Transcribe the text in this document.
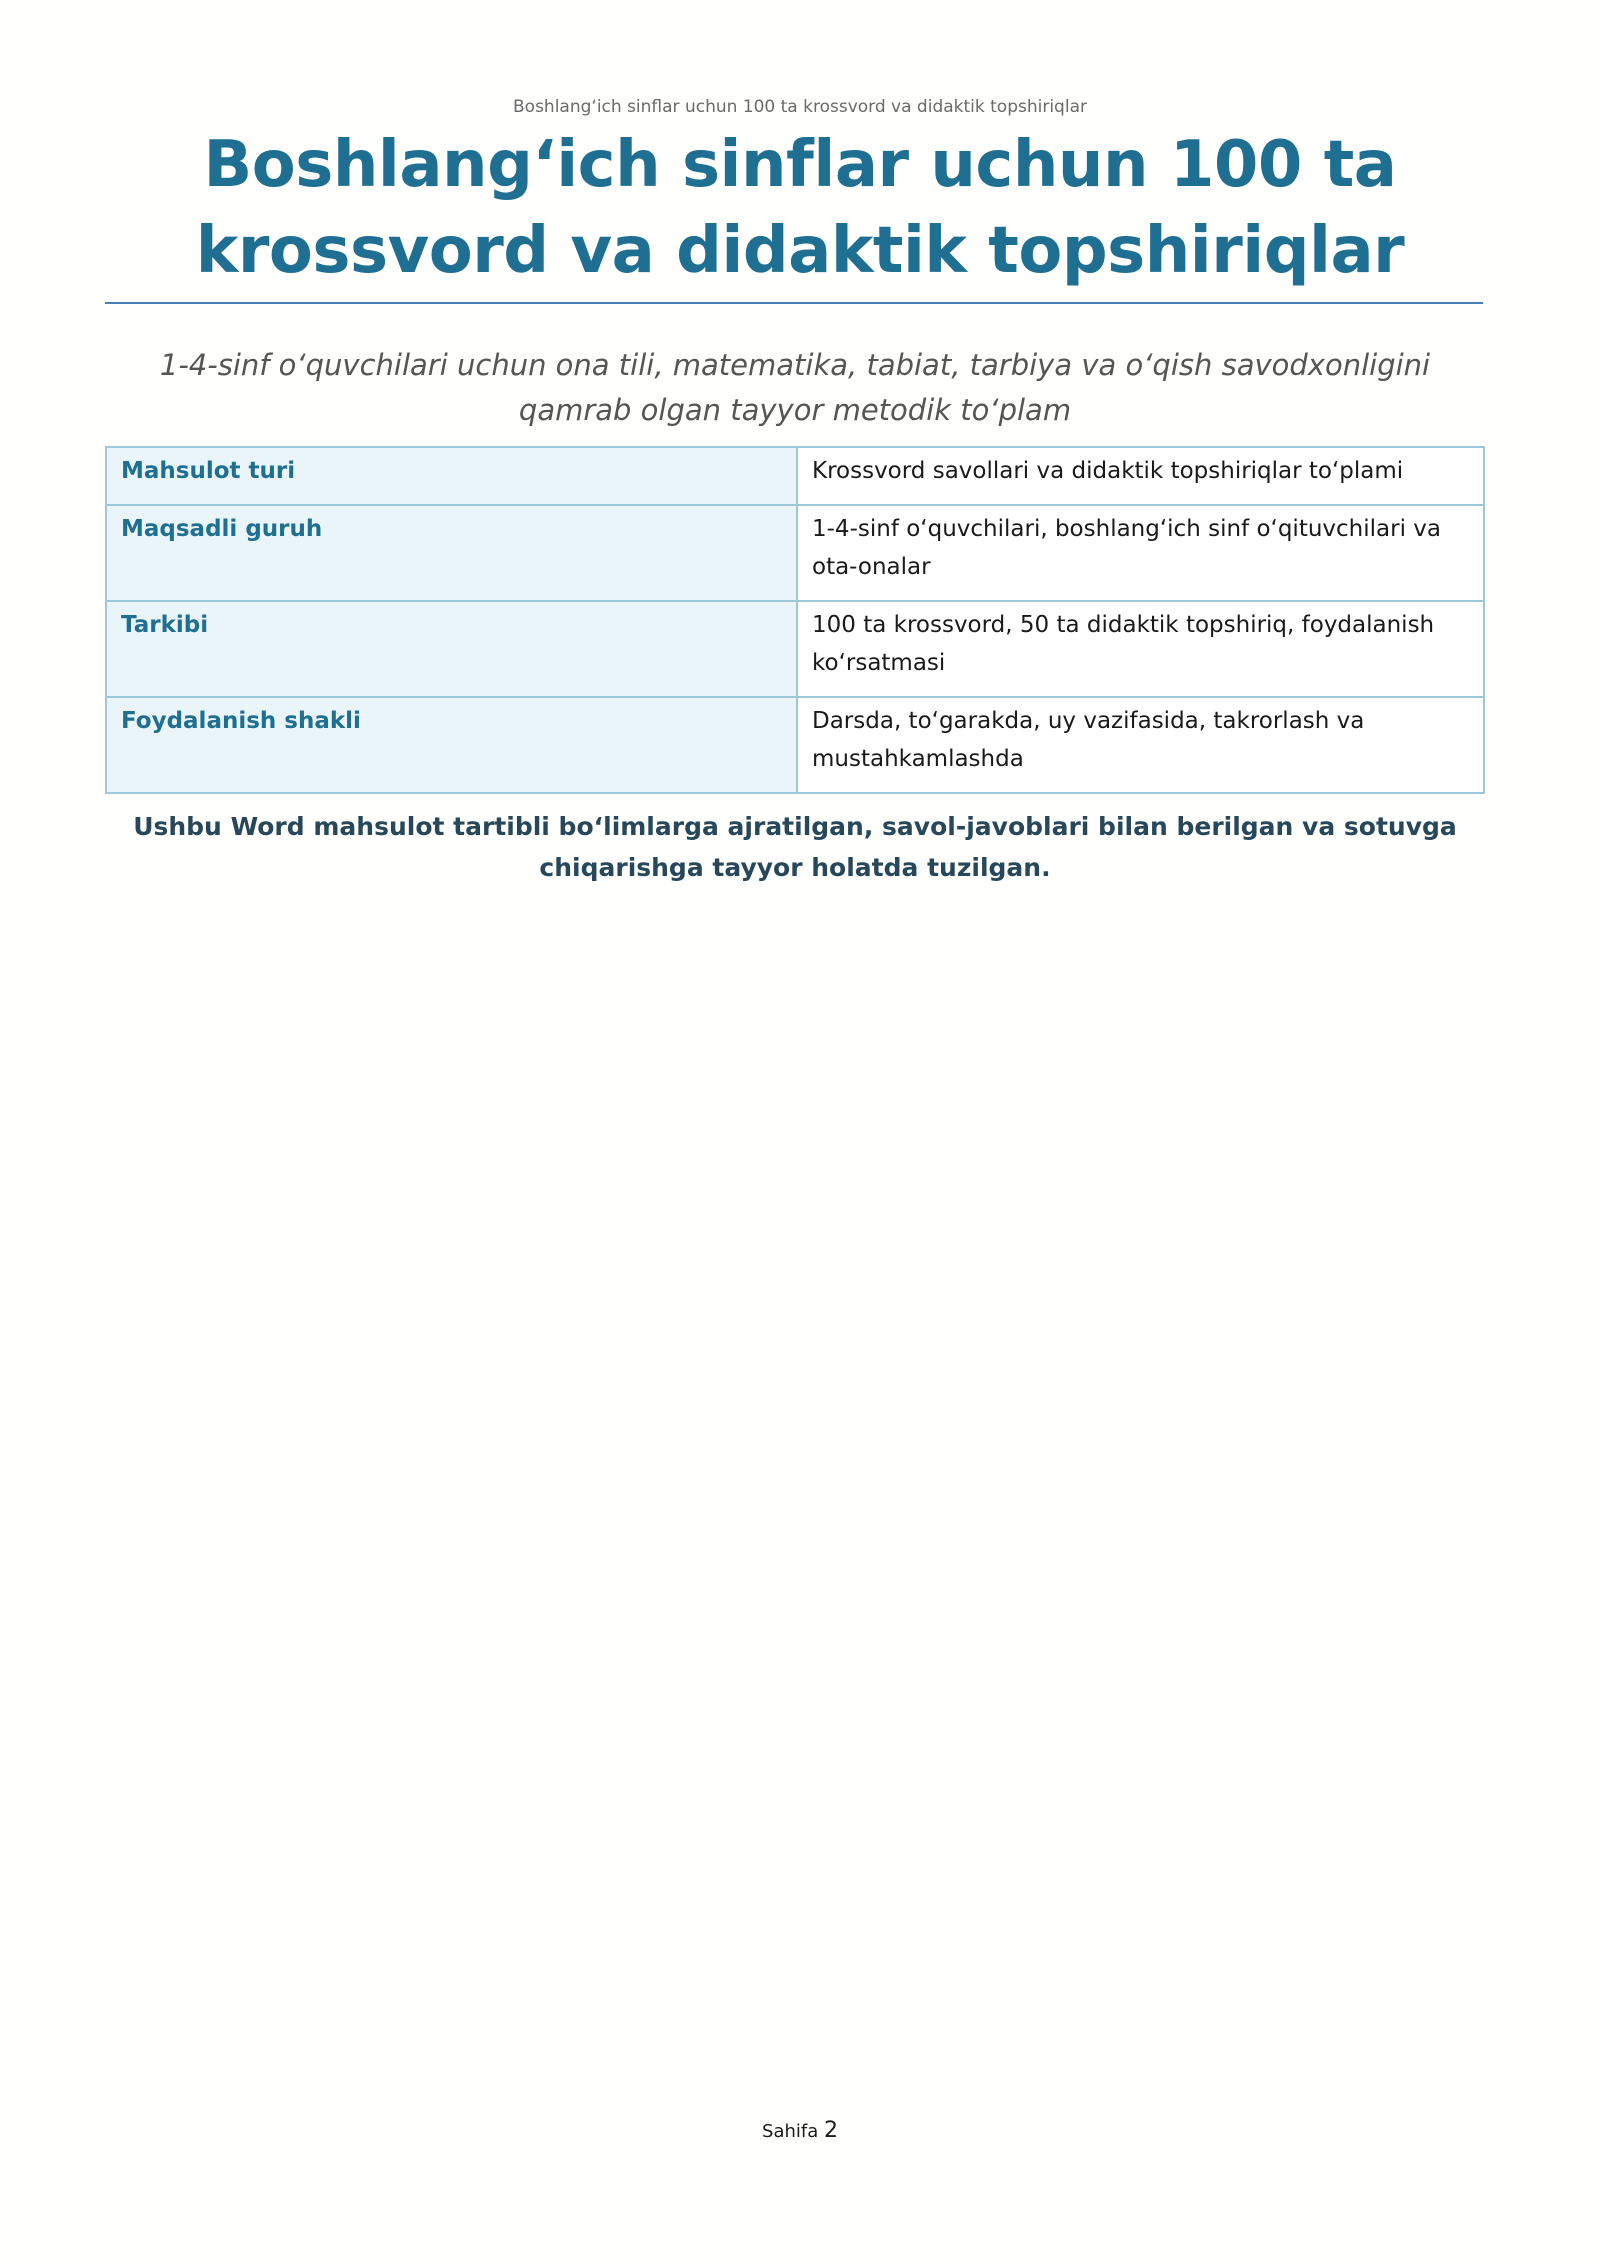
Boshlang‘ich sinflar uchun 100 ta krossvord va didaktik topshiriqlar
Boshlang‘ich sinflar uchun 100 ta krossvord va didaktik topshiriqlar
1-4-sinf o‘quvchilari uchun ona tili, matematika, tabiat, tarbiya va o‘qish savodxonligini qamrab olgan tayyor metodik to‘plam
Mahsulot turi	Krossvord savollari va didaktik topshiriqlar to‘plami
Maqsadli guruh	1-4-sinf o‘quvchilari, boshlang‘ich sinf o‘qituvchilari va ota-onalar
Tarkibi	100 ta krossvord, 50 ta didaktik topshiriq, foydalanish ko‘rsatmasi
Foydalanish shakli	Darsda, to‘garakda, uy vazifasida, takrorlash va mustahkamlashda
Ushbu Word mahsulot tartibli bo‘limlarga ajratilgan, savol-javoblari bilan berilgan va sotuvga chiqarishga tayyor holatda tuzilgan.
Sahifa 2
